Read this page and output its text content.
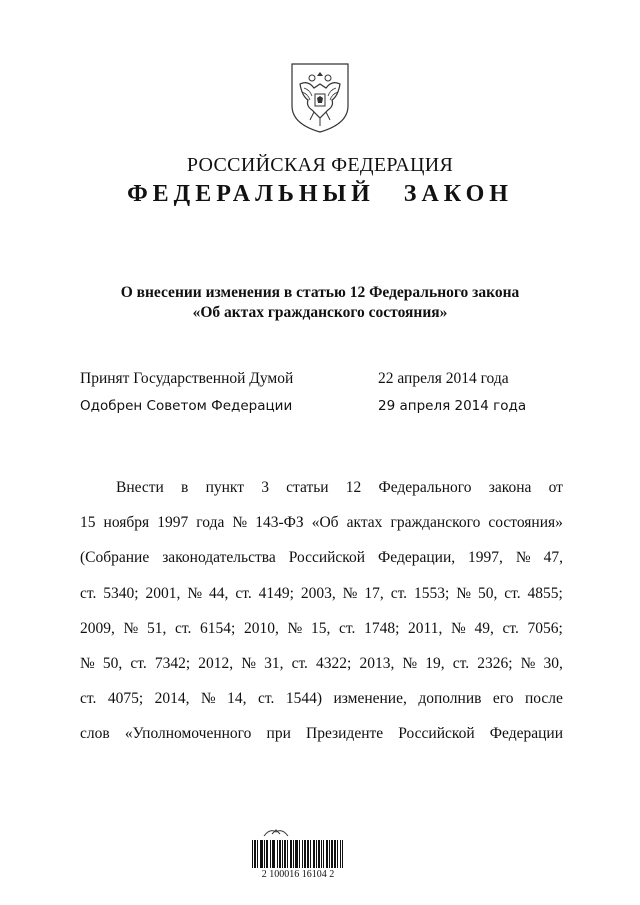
РОССИЙСКАЯ ФЕДЕРАЦИЯ
ФЕДЕРАЛЬНЫЙ ЗАКОН
О внесении изменения в статью 12 Федерального закона
«Об актах гражданского состояния»
Принят Государственной Думой	22 апреля 2014 года
Одобрен Советом Федерации	29 апреля 2014 года
Внести в пункт 3 статьи 12 Федерального закона от
15 ноября 1997 года № 143-ФЗ «Об актах гражданского состояния»
(Собрание законодательства Российской Федерации, 1997, № 47,
ст. 5340; 2001, № 44, ст. 4149; 2003, № 17, ст. 1553; № 50, ст. 4855;
2009, № 51, ст. 6154; 2010, № 15, ст. 1748; 2011, № 49, ст. 7056;
№ 50, ст. 7342; 2012, № 31, ст. 4322; 2013, № 19, ст. 2326; № 30,
ст. 4075; 2014, № 14, ст. 1544) изменение, дополнив его после
слов «Уполномоченного при Президенте Российской Федерации
2 100016 16104 2
